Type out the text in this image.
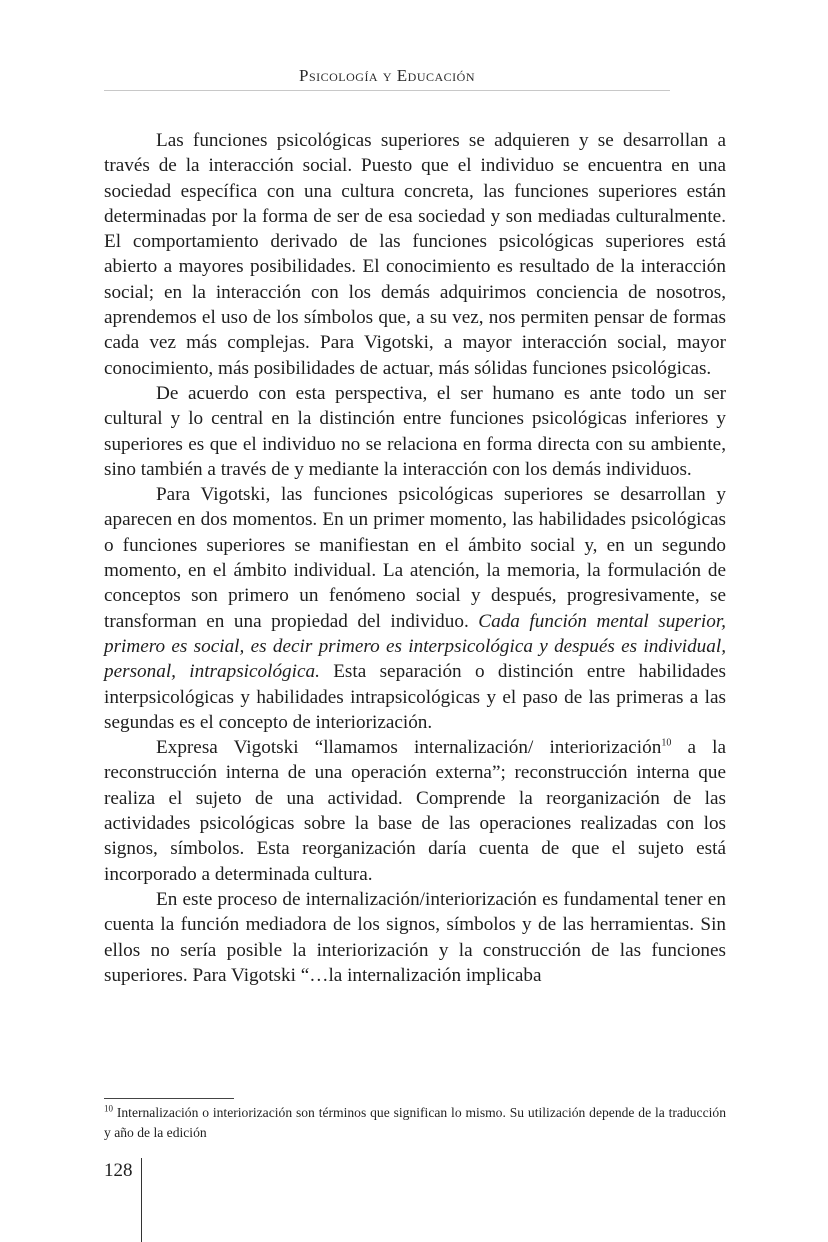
Psicología y Educación

Las funciones psicológicas superiores se adquieren y se desarrollan a través de la interacción social. Puesto que el individuo se encuentra en una sociedad específica con una cultura concreta, las funciones superiores están determinadas por la forma de ser de esa sociedad y son mediadas culturalmente. El comportamiento derivado de las funciones psicológicas superiores está abierto a mayores posibilidades. El conocimiento es resultado de la interacción social; en la interacción con los demás adquirimos conciencia de nosotros, aprendemos el uso de los símbolos que, a su vez, nos permiten pensar de formas cada vez más complejas. Para Vigotski, a mayor interacción social, mayor conocimiento, más posibilidades de actuar, más sólidas funciones psicológicas.

De acuerdo con esta perspectiva, el ser humano es ante todo un ser cultural y lo central en la distinción entre funciones psicológicas inferiores y superiores es que el individuo no se relaciona en forma directa con su ambiente, sino también a través de y mediante la interacción con los demás individuos.

Para Vigotski, las funciones psicológicas superiores se desarrollan y aparecen en dos momentos. En un primer momento, las habilidades psicológicas o funciones superiores se manifiestan en el ámbito social y, en un segundo momento, en el ámbito individual. La atención, la memoria, la formulación de conceptos son primero un fenómeno social y después, progresivamente, se transforman en una propiedad del individuo. Cada función mental superior, primero es social, es decir primero es interpsicológica y después es individual, personal, intrapsicológica. Esta separación o distinción entre habilidades interpsicológicas y habilidades intrapsicológicas y el paso de las primeras a las segundas es el concepto de interiorización.

Expresa Vigotski “llamamos internalización/ interiorización$^{10}$ a la reconstrucción interna de una operación externa”; reconstrucción interna que realiza el sujeto de una actividad. Comprende la reorganización de las actividades psicológicas sobre la base de las operaciones realizadas con los signos, símbolos. Esta reorganización daría cuenta de que el sujeto está incorporado a determinada cultura.

En este proceso de internalización/interiorización es fundamental tener en cuenta la función mediadora de los signos, símbolos y de las herramientas. Sin ellos no sería posible la interiorización y la construcción de las funciones superiores. Para Vigotski “…la internalización implicaba

$^{10}$ Internalización o interiorización son términos que significan lo mismo. Su utilización depende de la traducción y año de la edición
128
